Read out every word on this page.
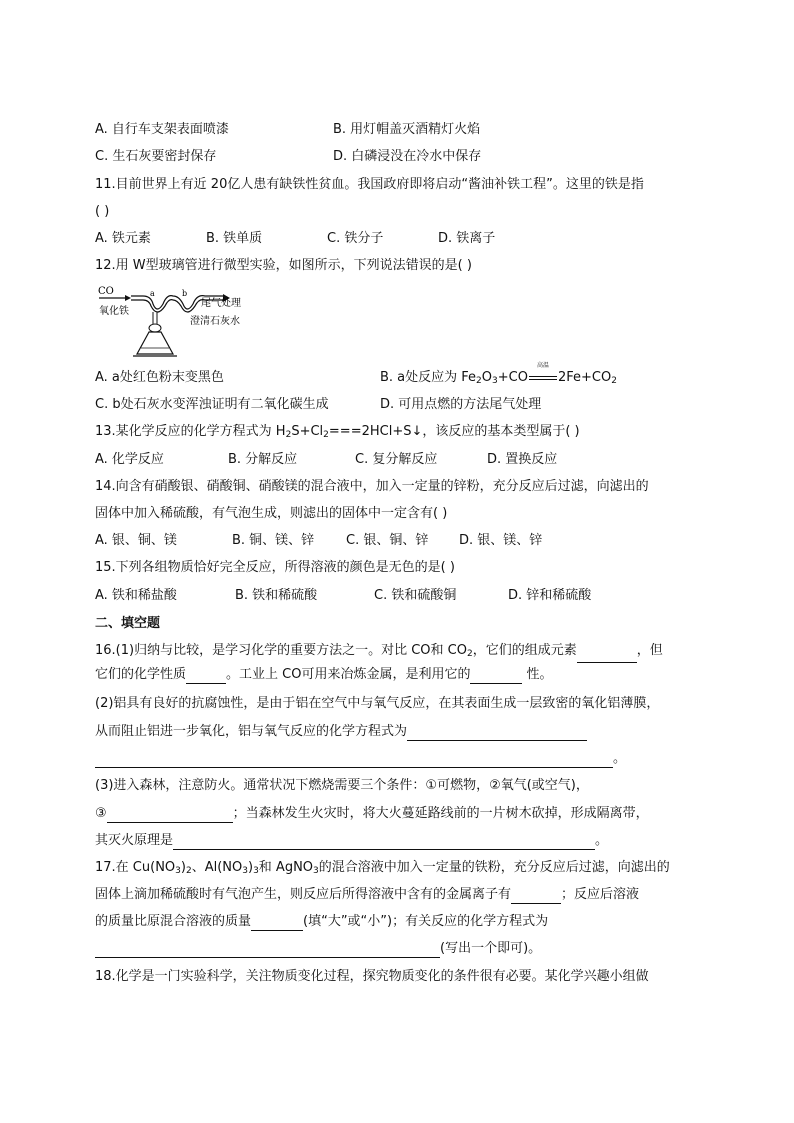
A. 自行车支架表面喷漆	B. 用灯帽盖灭酒精灯火焰
C. 生石灰要密封保存	D. 白磷浸没在冷水中保存
11.目前世界上有近 20亿人患有缺铁性贫血。我国政府即将启动“酱油补铁工程”。这里的铁是指
( )
A. 铁元素	B. 铁单质	C. 铁分子	D. 铁离子
12.用 W型玻璃管进行微型实验，如图所示，下列说法错误的是( )
CO	a	b
氧化铁
尾气处理
澄清石灰水
A. a处红色粉末变黑色	B. a处反应为 $Fe_2O_3+CO$
高温
$2Fe+CO_2$
C. b处石灰水变浑浊证明有二氧化碳生成	D. 可用点燃的方法尾气处理
13.某化学反应的化学方程式为 $H_2S+Cl_2===2HCl+S↓$，该反应的基本类型属于( )
A. 化学反应	B. 分解反应	C. 复分解反应	D. 置换反应
14.向含有硝酸银、硝酸铜、硝酸镁的混合液中，加入一定量的锌粉，充分反应后过滤，向滤出的
固体中加入稀硫酸，有气泡生成，则滤出的固体中一定含有( )
A. 银、铜、镁	B. 铜、镁、锌 C. 银、铜、锌 D. 银、镁、锌
15.下列各组物质恰好完全反应，所得溶液的颜色是无色的是( )
A. 铁和稀盐酸	B. 铁和稀硫酸	C. 铁和硫酸铜	D. 锌和稀硫酸
二、填空题
16.(1)归纳与比较，是学习化学的重要方法之一。对比 CO和 $CO_2$，它们的组成元素	，但
它们的化学性质	。工业上 CO可用来冶炼金属，是利用它的	性。
(2)铝具有良好的抗腐蚀性，是由于铝在空气中与氧气反应，在其表面生成一层致密的氧化铝薄膜，
从而阻止铝进一步氧化，铝与氧气反应的化学方程式为
。
(3)进入森林，注意防火。通常状况下燃烧需要三个条件：①可燃物，②氧气(或空气)，
③	；当森林发生火灾时，将大火蔓延路线前的一片树木砍掉，形成隔离带，
其灭火原理是	。
17.在 $Cu(NO_3)_2$、$Al(NO_3)_3$和 AgNO$_3$的混合溶液中加入一定量的铁粉，充分反应后过滤，向滤出的
固体上滴加稀硫酸时有气泡产生，则反应后所得溶液中含有的金属离子有	；反应后溶液
的质量比原混合溶液的质量	(填“大”或“小”)；有关反应的化学方程式为
(写出一个即可)。
18.化学是一门实验科学，关注物质变化过程，探究物质变化的条件很有必要。某化学兴趣小组做
